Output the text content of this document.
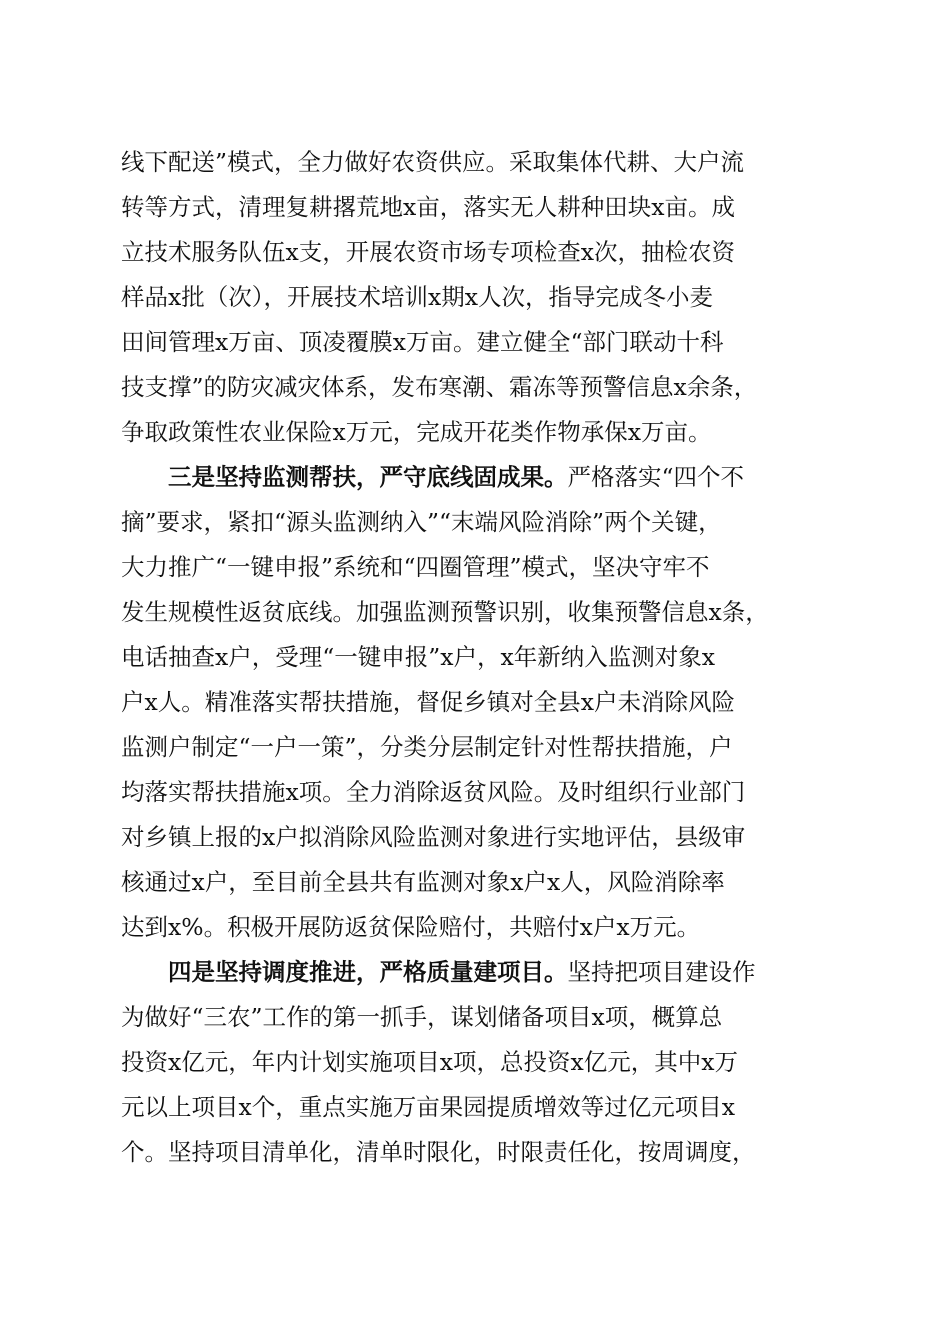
线下配送”模式，全力做好农资供应。采取集体代耕、大户流
转等方式，清理复耕撂荒地x亩，落实无人耕种田块x亩。成
立技术服务队伍x支，开展农资市场专项检查x次，抽检农资
样品x批（次），开展技术培训x期x人次，指导完成冬小麦
田间管理x万亩、顶凌覆膜x万亩。建立健全“部门联动十科
技支撑”的防灾减灾体系，发布寒潮、霜冻等预警信息x余条，
争取政策性农业保险x万元，完成开花类作物承保x万亩。
三是坚持监测帮扶，严守底线固成果。严格落实“四个不
摘”要求，紧扣“源头监测纳入”“末端风险消除”两个关键，
大力推广“一键申报”系统和“四圈管理”模式，坚决守牢不
发生规模性返贫底线。加强监测预警识别，收集预警信息x条，
电话抽查x户，受理“一键申报”x户，x年新纳入监测对象x
户x人。精准落实帮扶措施，督促乡镇对全县x户未消除风险
监测户制定“一户一策”，分类分层制定针对性帮扶措施，户
均落实帮扶措施x项。全力消除返贫风险。及时组织行业部门
对乡镇上报的x户拟消除风险监测对象进行实地评估，县级审
核通过x户，至目前全县共有监测对象x户x人，风险消除率
达到x%。积极开展防返贫保险赔付，共赔付x户x万元。
四是坚持调度推进，严格质量建项目。坚持把项目建设作
为做好“三农”工作的第一抓手，谋划储备项目x项，概算总
投资x亿元，年内计划实施项目x项，总投资x亿元，其中x万
元以上项目x个，重点实施万亩果园提质增效等过亿元项目x
个。坚持项目清单化，清单时限化，时限责任化，按周调度，
